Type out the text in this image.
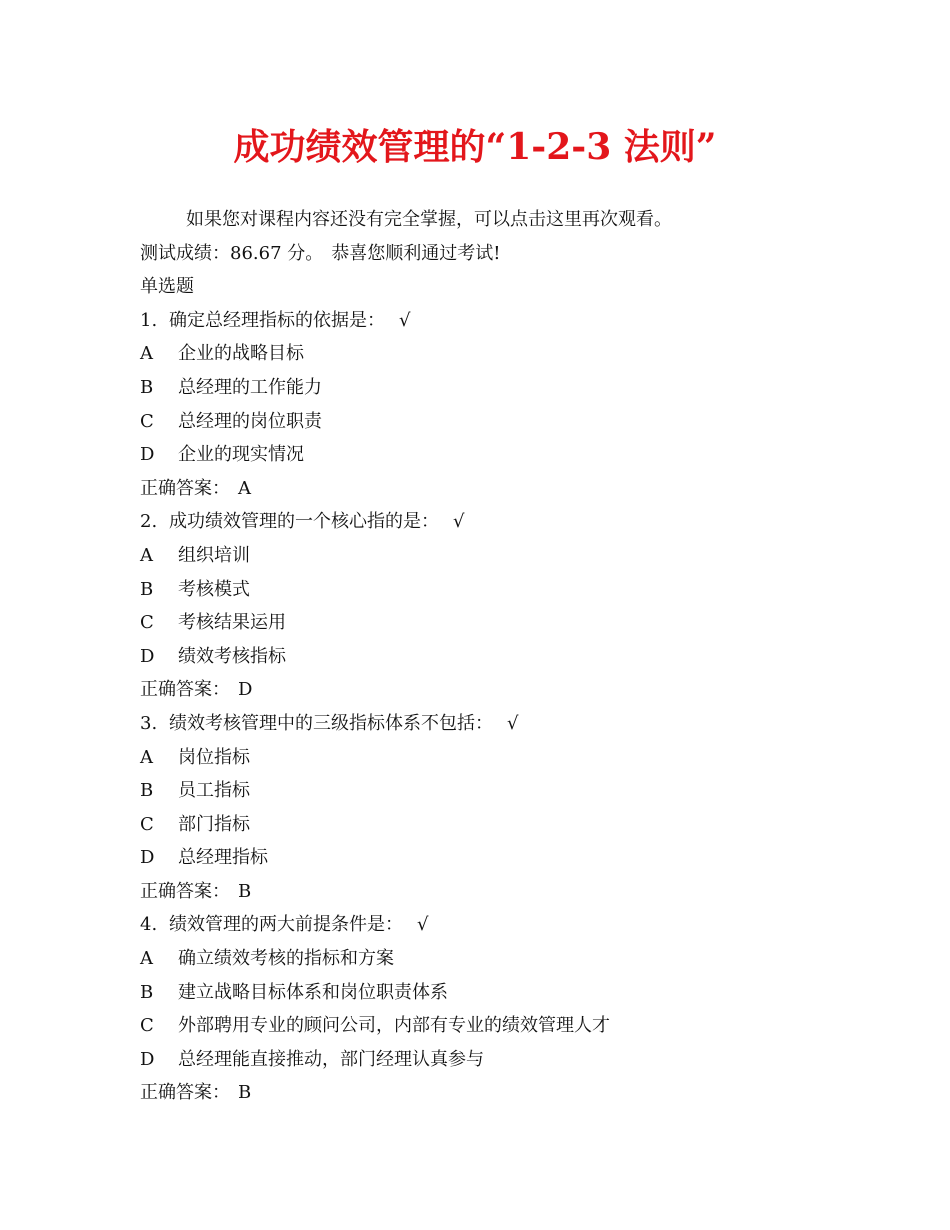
成功绩效管理的“1-2-3 法则”
如果您对课程内容还没有完全掌握，可以点击这里再次观看。
测试成绩：86.67 分。 恭喜您顺利通过考试!
单选题
1. 确定总经理指标的依据是： √
A 企业的战略目标
B 总经理的工作能力
C 总经理的岗位职责
D 企业的现实情况
正确答案： A
2. 成功绩效管理的一个核心指的是： √
A 组织培训
B 考核模式
C 考核结果运用
D 绩效考核指标
正确答案： D
3. 绩效考核管理中的三级指标体系不包括： √
A 岗位指标
B 员工指标
C 部门指标
D 总经理指标
正确答案： B
4. 绩效管理的两大前提条件是： √
A 确立绩效考核的指标和方案
B 建立战略目标体系和岗位职责体系
C 外部聘用专业的顾问公司，内部有专业的绩效管理人才
D 总经理能直接推动，部门经理认真参与
正确答案： B
